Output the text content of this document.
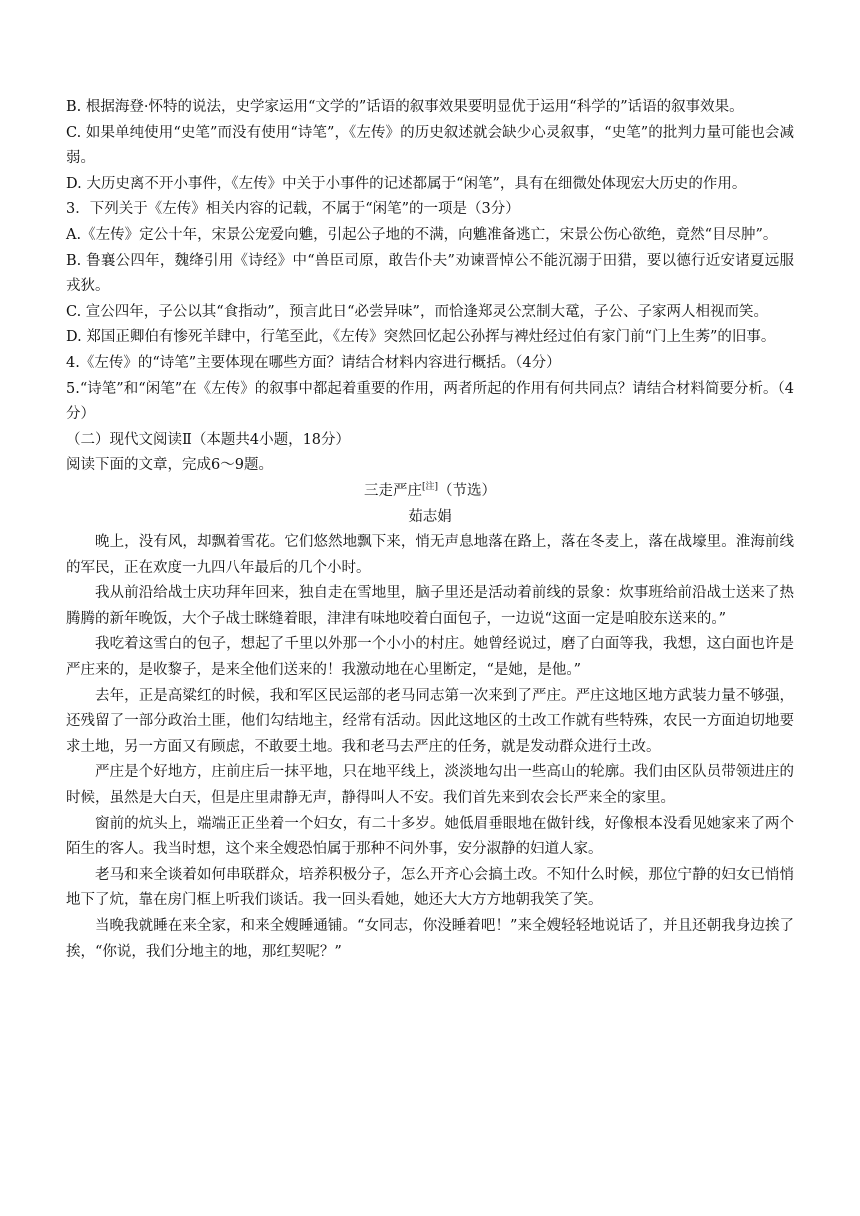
B. 根据海登·怀特的说法，史学家运用“文学的”话语的叙事效果要明显优于运用“科学的”话语的叙事效果。

C. 如果单纯使用“史笔”而没有使用“诗笔”，《左传》的历史叙述就会缺少心灵叙事，“史笔”的批判力量可能也会减弱。

D. 大历史离不开小事件，《左传》中关于小事件的记述都属于“闲笔”，具有在细微处体现宏大历史的作用。

3．下列关于《左传》相关内容的记载，不属于“闲笔”的一项是（3分）

A.《左传》定公十年，宋景公宠爱向魋，引起公子地的不满，向魋准备逃亡，宋景公伤心欲绝，竟然“目尽肿”。

B. 鲁襄公四年，魏绛引用《诗经》中“兽臣司原，敢告仆夫”劝谏晋悼公不能沉溺于田猎，要以德行近安诸夏远服戎狄。

C. 宣公四年，子公以其“食指动”，预言此日“必尝异味”，而恰逢郑灵公烹制大鼋，子公、子家两人相视而笑。

D. 郑国正卿伯有惨死羊肆中，行笔至此，《左传》突然回忆起公孙挥与裨灶经过伯有家门前“门上生莠”的旧事。

4.《左传》的“诗笔”主要体现在哪些方面？请结合材料内容进行概括。（4分）

5.“诗笔”和“闲笔”在《左传》的叙事中都起着重要的作用，两者所起的作用有何共同点？请结合材料简要分析。（4分）

（二）现代文阅读Ⅱ（本题共4小题，18分）

阅读下面的文章，完成6～9题。

三走严庄[注]（节选）

茹志娟

晚上，没有风，却飘着雪花。它们悠然地飘下来，悄无声息地落在路上，落在冬麦上，落在战壕里。淮海前线的军民，正在欢度一九四八年最后的几个小时。

我从前沿给战士庆功拜年回来，独自走在雪地里，脑子里还是活动着前线的景象：炊事班给前沿战士送来了热腾腾的新年晚饭，大个子战士眯缝着眼，津津有味地咬着白面包子，一边说“这面一定是咱胶东送来的。”

我吃着这雪白的包子，想起了千里以外那一个小小的村庄。她曾经说过，磨了白面等我，我想，这白面也许是严庄来的，是收黎子，是来全他们送来的！我激动地在心里断定，“是她，是他。”

去年，正是高粱红的时候，我和军区民运部的老马同志第一次来到了严庄。严庄这地区地方武装力量不够强，还残留了一部分政治土匪，他们勾结地主，经常有活动。因此这地区的土改工作就有些特殊，农民一方面迫切地要求土地，另一方面又有顾虑，不敢要土地。我和老马去严庄的任务，就是发动群众进行土改。

严庄是个好地方，庄前庄后一抹平地，只在地平线上，淡淡地勾出一些高山的轮廓。我们由区队员带领进庄的时候，虽然是大白天，但是庄里肃静无声，静得叫人不安。我们首先来到农会长严来全的家里。

窗前的炕头上，端端正正坐着一个妇女，有二十多岁。她低眉垂眼地在做针线，好像根本没看见她家来了两个陌生的客人。我当时想，这个来全嫂恐怕属于那种不问外事，安分淑静的妇道人家。

老马和来全谈着如何串联群众，培养积极分子，怎么开齐心会搞土改。不知什么时候，那位宁静的妇女已悄悄地下了炕，靠在房门框上听我们谈话。我一回头看她，她还大大方方地朝我笑了笑。

当晚我就睡在来全家，和来全嫂睡通铺。“女同志，你没睡着吧！”来全嫂轻轻地说话了，并且还朝我身边挨了挨，“你说，我们分地主的地，那红契呢？”
